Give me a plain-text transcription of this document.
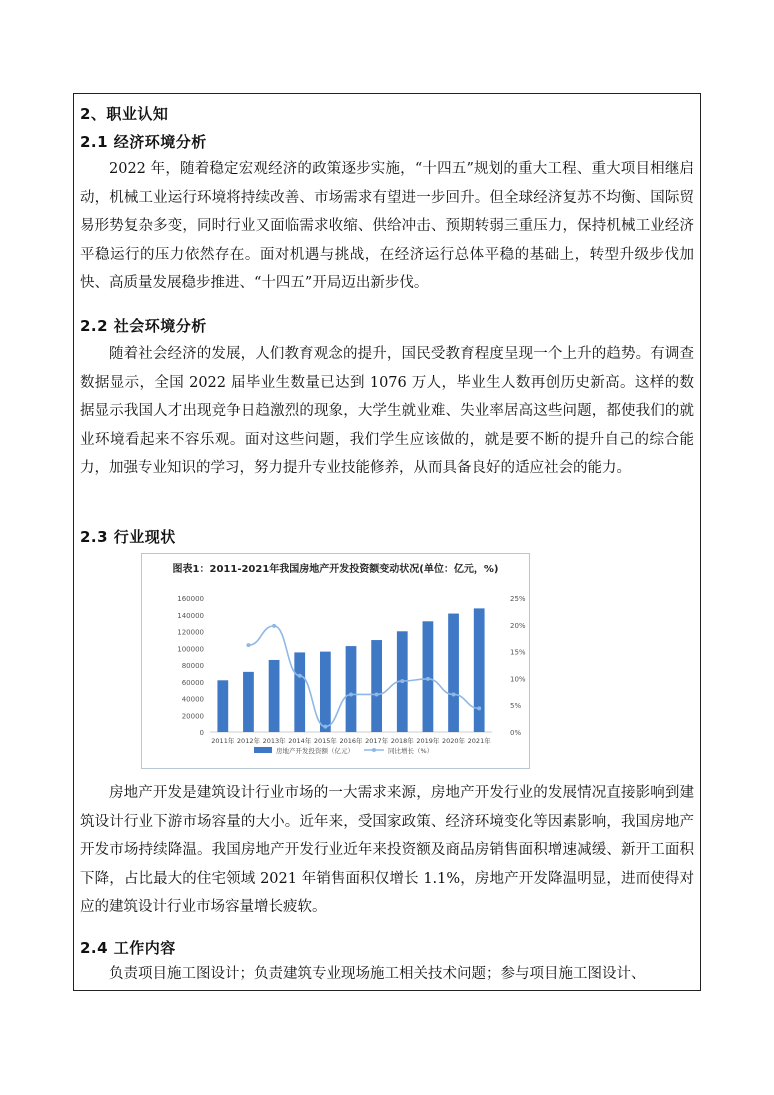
2、职业认知
2.1 经济环境分析

2022 年，随着稳定宏观经济的政策逐步实施，“十四五”规划的重大工程、重大项目相继启动，机械工业运行环境将持续改善、市场需求有望进一步回升。但全球经济复苏不均衡、国际贸易形势复杂多变，同时行业又面临需求收缩、供给冲击、预期转弱三重压力，保持机械工业经济平稳运行的压力依然存在。面对机遇与挑战，在经济运行总体平稳的基础上，转型升级步伐加快、高质量发展稳步推进、“十四五”开局迈出新步伐。

2.2 社会环境分析

随着社会经济的发展，人们教育观念的提升，国民受教育程度呈现一个上升的趋势。有调查数据显示，全国 2022 届毕业生数量已达到 1076 万人，毕业生人数再创历史新高。这样的数据显示我国人才出现竞争日趋激烈的现象，大学生就业难、失业率居高这些问题，都使我们的就业环境看起来不容乐观。面对这些问题，我们学生应该做的，就是要不断的提升自己的综合能力，加强专业知识的学习，努力提升专业技能修养，从而具备良好的适应社会的能力。

2.3 行业现状
图表1：2011-2021年我国房地产开发投资额变动状况(单位：亿元，%)
0
20000
40000
60000
80000
100000
120000
140000
160000
0%
5%
10%
15%
20%
25%
2011年 2012年 2013年 2014年 2015年 2016年 2017年 2018年 2019年 2020年 2021年
房地产开发投资额（亿元）	同比增长（%）

房地产开发是建筑设计行业市场的一大需求来源，房地产开发行业的发展情况直接影响到建筑设计行业下游市场容量的大小。近年来，受国家政策、经济环境变化等因素影响，我国房地产开发市场持续降温。我国房地产开发行业近年来投资额及商品房销售面积增速减缓、新开工面积下降，占比最大的住宅领域 2021 年销售面积仅增长 1.1%，房地产开发降温明显，进而使得对应的建筑设计行业市场容量增长疲软。

2.4 工作内容

负责项目施工图设计；负责建筑专业现场施工相关技术问题；参与项目施工图设计、
